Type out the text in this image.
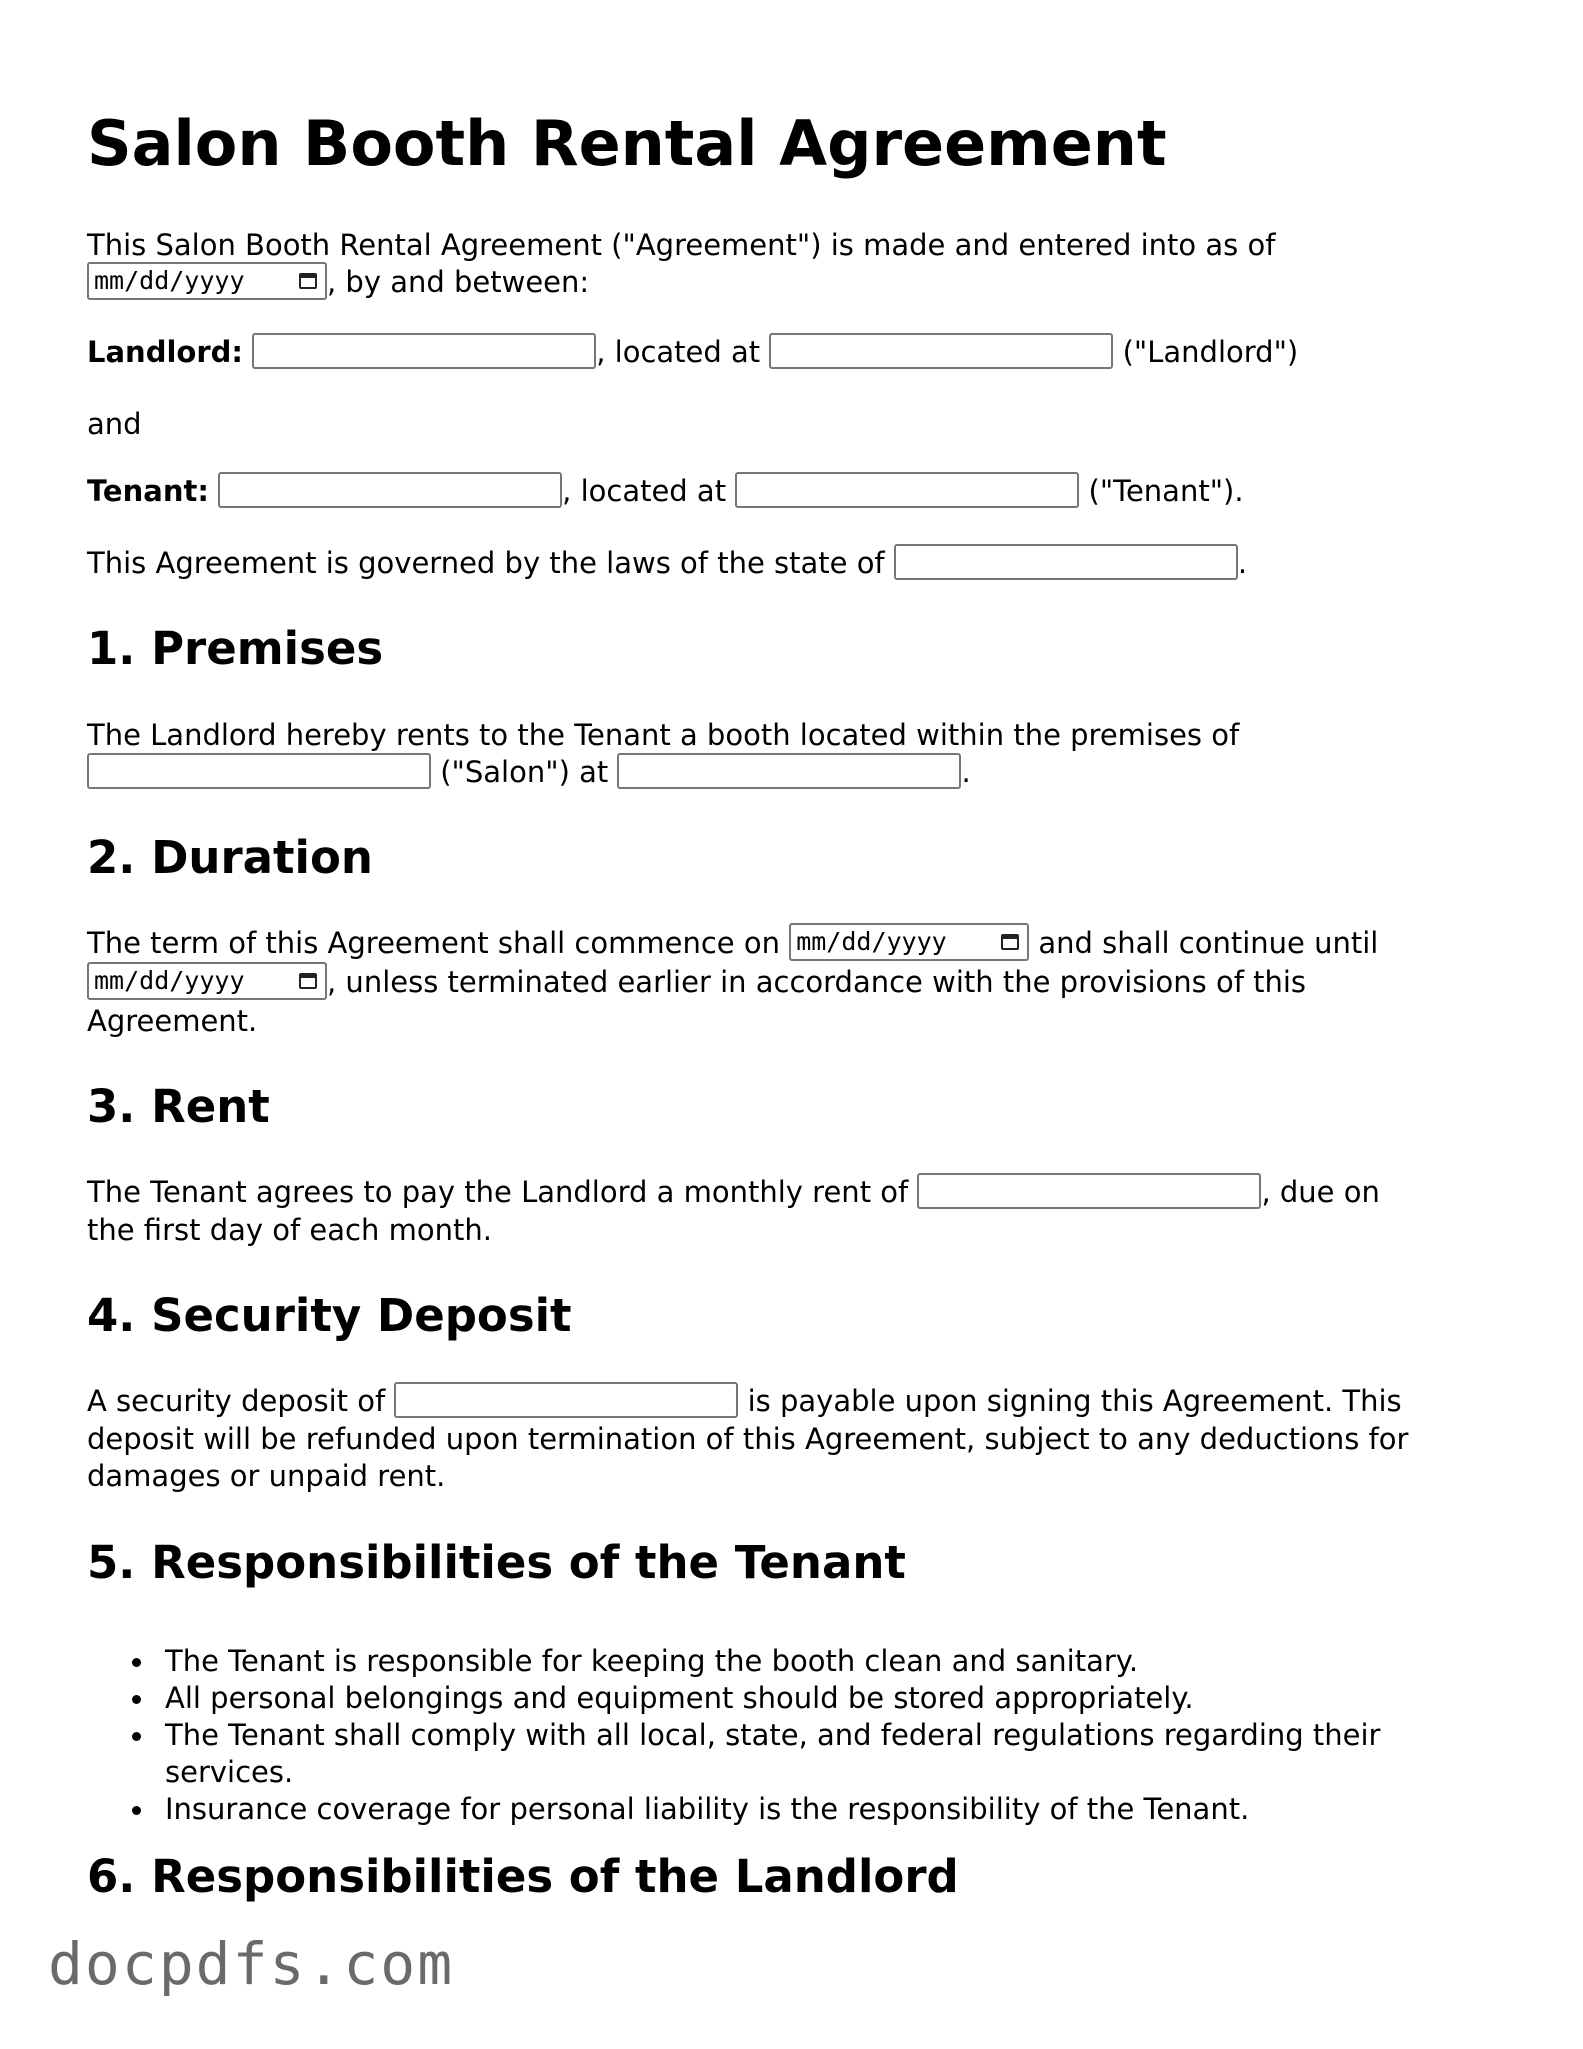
Salon Booth Rental Agreement
This Salon Booth Rental Agreement ("Agreement") is made and entered into as of
mm/dd/yyyy	, by and between:
Landlord:	, located at	("Landlord")
and
Tenant:	, located at	("Tenant").
This Agreement is governed by the laws of the state of	.
1. Premises
The Landlord hereby rents to the Tenant a booth located within the premises of
("Salon") at	.
2. Duration
The term of this Agreement shall commence on mm/dd/yyyy	and shall continue until
mm/dd/yyyy	, unless terminated earlier in accordance with the provisions of this
Agreement.
3. Rent
The Tenant agrees to pay the Landlord a monthly rent of	, due on
the first day of each month.
4. Security Deposit
A security deposit of	is payable upon signing this Agreement. This
deposit will be refunded upon termination of this Agreement, subject to any deductions for
damages or unpaid rent.
5. Responsibilities of the Tenant
The Tenant is responsible for keeping the booth clean and sanitary.
All personal belongings and equipment should be stored appropriately.
The Tenant shall comply with all local, state, and federal regulations regarding their
services.
Insurance coverage for personal liability is the responsibility of the Tenant.
6. Responsibilities of the Landlord
docpdfs.com
